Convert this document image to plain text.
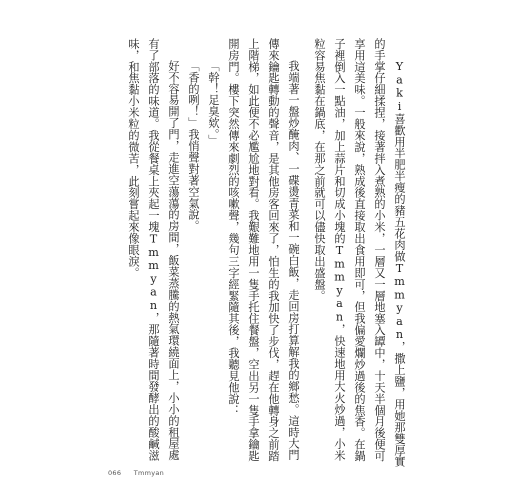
Yaki喜歡用半肥半瘦的豬五花肉做Tmmyan，撒上鹽，用她那雙厚實的手掌仔細揉捏，接著拌入煮熟的小米，一層又一層地塞入罈中，十天半個月後便可享用這美味。一般來說，熟成後直接取出食用即可，但我偏愛爛炒過後的焦香。在鍋子裡倒入一點油，加上蒜片和切成小塊的Tmmyan，快速地用大火炒過，小米粒容易焦黏在鍋底，在那之前就可以儘快取出盛盤。

我端著一盤炒醃肉、一碟燙青菜和一碗白飯，走回房打算解我的鄉愁。這時大門傳來鑰匙轉動的聲音，是其他房客回來了，怕生的我加快了步伐，趕在他轉身之前踏上階梯，如此便不必尷尬地對看。我艱難地用一隻手托住餐盤，空出另一隻手拿鑰匙開房門。樓下突然傳來劇烈的咳嗽聲，幾句三字經緊隨其後，我聽見他說：

「幹！足臭欸。」

「香的咧！」我悄聲對著空氣說。

好不容易開了門，走進空蕩蕩的房間，飯菜蒸騰的熱氣環繞面上，小小的租屋處有了部落的味道。我從餐桌上夾起一塊Tmmyan，那隨著時間發酵出的酸鹹滋味，和焦黏小米粒的微苦，此刻嘗起來像眼淚。

066 Tmmyan
